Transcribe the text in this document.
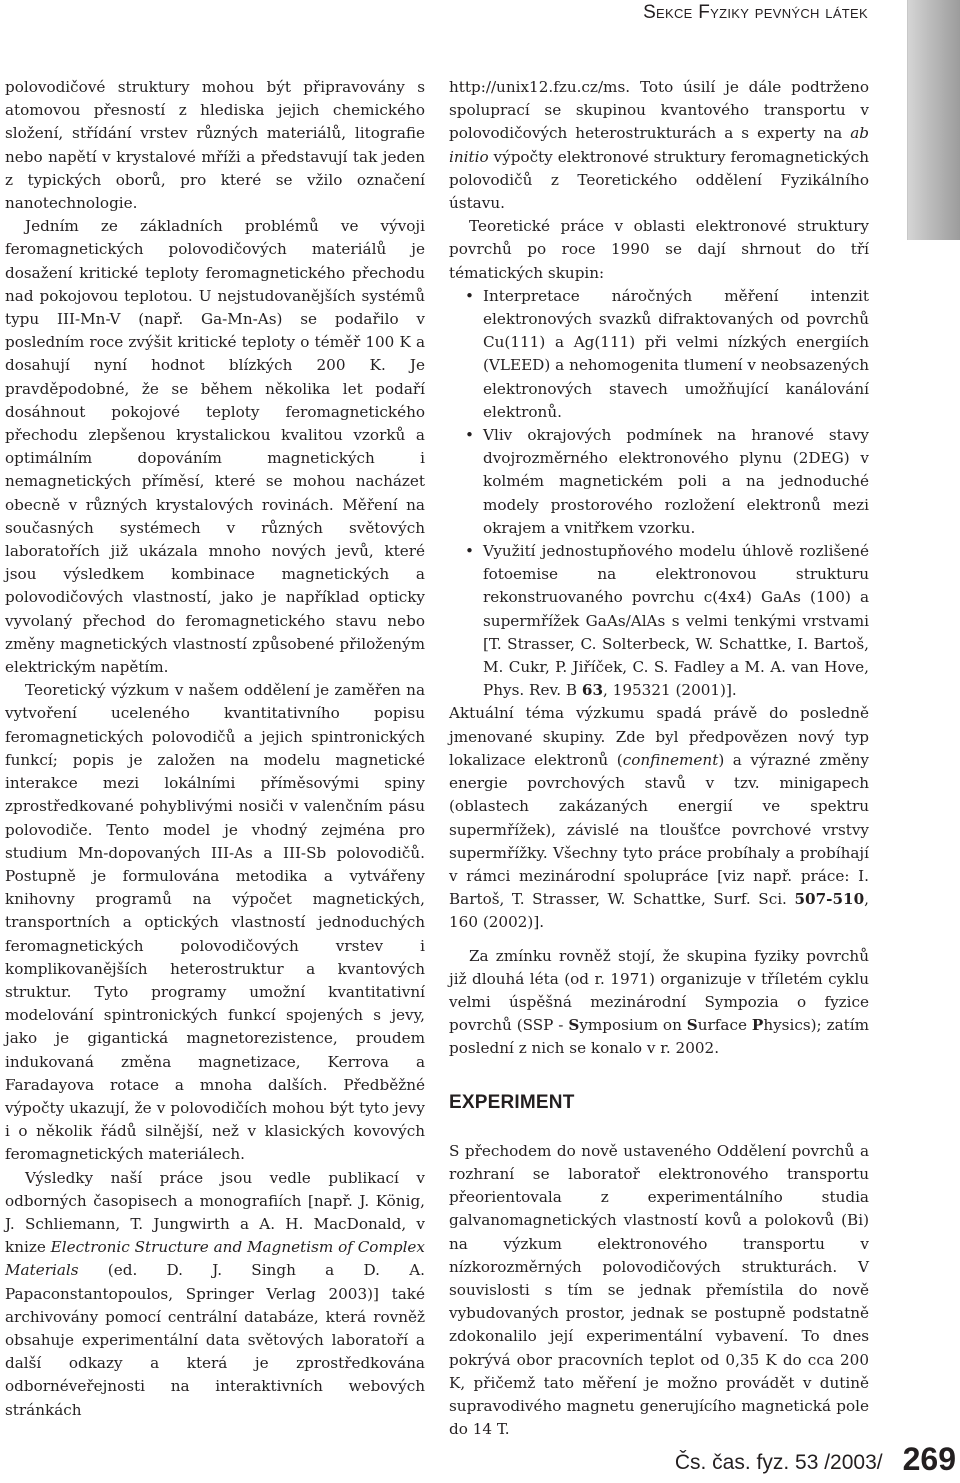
Sekce Fyziky pevných látek

polovodičové struktury mohou být připravovány s atomovou přesností z hlediska jejich chemického složení, střídání vrstev různých materiálů, litografie nebo napětí v krystalové mříži a představují tak jeden z typických oborů, pro které se vžilo označení nanotechnologie.

Jedním ze základních problémů ve vývoji feromagnetických polovodičových materiálů je dosažení kritické teploty feromagnetického přechodu nad pokojovou teplotou. U nejstudovanějších systémů typu III-Mn-V (např. Ga-Mn-As) se podařilo v posledním roce zvýšit kritické teploty o téměř 100 K a dosahují nyní hodnot blízkých 200 K. Je pravděpodobné, že se během několika let podaří dosáhnout pokojové teploty feromagnetického přechodu zlepšenou krystalickou kvalitou vzorků a optimálním dopováním magnetických i nemagnetických příměsí, které se mohou nacházet obecně v různých krystalových rovinách. Měření na současných systémech v různých světových laboratořích již ukázala mnoho nových jevů, které jsou výsledkem kombinace magnetických a polovodičových vlastností, jako je například opticky vyvolaný přechod do feromagnetického stavu nebo změny magnetických vlastností způsobené přiloženým elektrickým napětím.

Teoretický výzkum v našem oddělení je zaměřen na vytvoření uceleného kvantitativního popisu feromagnetických polovodičů a jejich spintronických funkcí; popis je založen na modelu magnetické interakce mezi lokálními příměsovými spiny zprostředkované pohyblivými nosiči v valenčním pásu polovodiče. Tento model je vhodný zejména pro studium Mn-dopovaných III-As a III-Sb polovodičů. Postupně je formulována metodika a vytvářeny knihovny programů na výpočet magnetických, transportních a optických vlastností jednoduchých feromagnetických polovodičových vrstev i komplikovanějších heterostruktur a kvantových struktur. Tyto programy umožní kvantitativní modelování spintronických funkcí spojených s jevy, jako je gigantická magnetorezistence, proudem indukovaná změna magnetizace, Kerrova a Faradayova rotace a mnoha dalších. Předběžné výpočty ukazují, že v polovodičích mohou být tyto jevy i o několik řádů silnější, než v klasických kovových feromagnetických materiálech.

Výsledky naší práce jsou vedle publikací v odborných časopisech a monografiích [např. J. König, J. Schliemann, T. Jungwirth a A. H. MacDonald, v knize Electronic Structure and Magnetism of Complex Materials (ed. D. J. Singh a D. A. Papaconstantopoulos, Springer Verlag 2003)] také archivovány pomocí centrální databáze, která rovněž obsahuje experimentální data světových laboratoří a další odkazy a která je zprostředkována odbornéveřejnosti na interaktivních webových stránkách

http://unix12.fzu.cz/ms. Toto úsilí je dále podtrženo spoluprací se skupinou kvantového transportu v polovodičových heterostrukturách a s experty na ab initio výpočty elektronové struktury feromagnetických polovodičů z Teoretického oddělení Fyzikálního ústavu.

Teoretické práce v oblasti elektronové struktury povrchů po roce 1990 se dají shrnout do tří tématických skupin:

• Interpretace náročných měření intenzit elektronových svazků difraktovaných od povrchů Cu(111) a Ag(111) při velmi nízkých energiích (VLEED) a nehomogenita tlumení v neobsazených elektronových stavech umožňující kanálování elektronů.
• Vliv okrajových podmínek na hranové stavy dvojrozměrného elektronového plynu (2DEG) v kolmém magnetickém poli a na jednoduché modely prostorového rozložení elektronů mezi okrajem a vnitřkem vzorku.
• Využití jednostupňového modelu úhlově rozlišené fotoemise na elektronovou strukturu rekonstruovaného povrchu c(4x4) GaAs (100) a supermřížek GaAs/AlAs s velmi tenkými vrstvami [T. Strasser, C. Solterbeck, W. Schattke, I. Bartoš, M. Cukr, P. Jiříček, C. S. Fadley a M. A. van Hove, Phys. Rev. B 63, 195321 (2001)].

Aktuální téma výzkumu spadá právě do posledně jmenované skupiny. Zde byl předpovězen nový typ lokalizace elektronů (confinement) a výrazné změny energie povrchových stavů v tzv. minigapech (oblastech zakázaných energií ve spektru supermřížek), závislé na tloušťce povrchové vrstvy supermřížky. Všechny tyto práce probíhaly a probíhají v rámci mezinárodní spolupráce [viz např. práce: I. Bartoš, T. Strasser, W. Schattke, Surf. Sci. 507-510, 160 (2002)].

Za zmínku rovněž stojí, že skupina fyziky povrchů již dlouhá léta (od r. 1971) organizuje v tříletém cyklu velmi úspěšná mezinárodní Sympozia o fyzice povrchů (SSP - Symposium on Surface Physics); zatím poslední z nich se konalo v r. 2002.

EXPERIMENT

S přechodem do nově ustaveného Oddělení povrchů a rozhraní se laboratoř elektronového transportu přeorientovala z experimentálního studia galvanomagnetických vlastností kovů a polokovů (Bi) na výzkum elektronového transportu v nízkorozměrných polovodičových strukturách. V souvislosti s tím se jednak přemístila do nově vybudovaných prostor, jednak se postupně podstatně zdokonalilo její experimentální vybavení. To dnes pokrývá obor pracovních teplot od 0,35 K do cca 200 K, přičemž tato měření je možno provádět v dutině supravodivého magnetu generujícího magnetická pole do 14 T.

Čs. čas. fyz. 53 /2003/ 269
